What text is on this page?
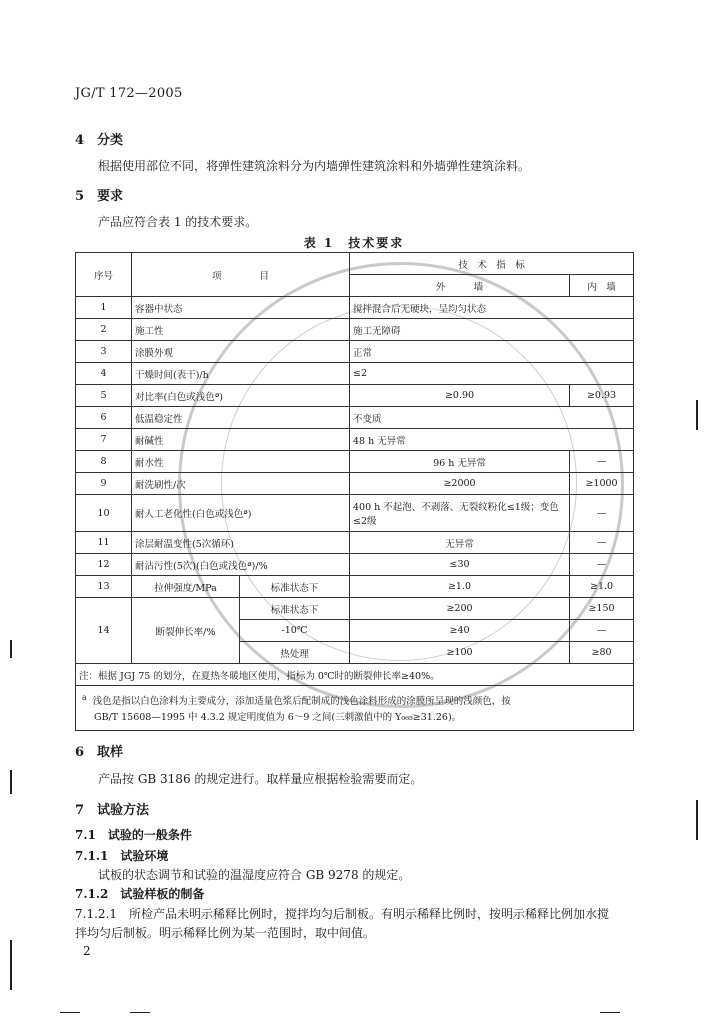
JG/T 172—2005
4　分类
根据使用部位不同，将弹性建筑涂料分为内墙弹性建筑涂料和外墙弹性建筑涂料。
5　要求
产品应符合表 1 的技术要求。
表 1　技术要求
序号	项　　　　目		技　术　指　标	
			外　　　墙	内　墙
1	容器中状态		搅拌混合后无硬块，呈均匀状态	
2	施工性		施工无障碍	
3	涂膜外观		正常	
4	干燥时间(表干)/h		≤2	
5	对比率(白色或浅色ª)		≥0.90	≥0.93
6	低温稳定性		不变质	
7	耐碱性		48 h 无异常	
8	耐水性		96 h 无异常	—
9	耐洗刷性/次		≥2000	≥1000
10	耐人工老化性(白色或浅色ª)		400 h 不起泡、不剥落、无裂纹粉化≤1级；变色≤2级	—
11	涂层耐温变性(5次循环)		无异常	—
12	耐沾污性(5次)(白色或浅色ª)/%		≤30	—
13	拉伸强度/MPa	标准状态下	≥1.0	≥1.0
14	断裂伸长率/%	标准状态下	≥200	≥150
		-10℃	≥40	—
		热处理	≥100	≥80
注：根据 JGJ 75 的划分，在夏热冬暖地区使用，指标为 0℃时的断裂伸长率≥40%。				
$^a$ 浅色是指以白色涂料为主要成分，添加适量色浆后配制成的浅色涂料形成的涂膜所呈现的浅颜色，按
GB/T 15608—1995 中 4.3.2 规定明度值为 6～9 之间(三刺激值中的 Y₀₆₅≥31.26)。				
6　取样
产品按 GB 3186 的规定进行。取样量应根据检验需要而定。
7　试验方法
7.1　试验的一般条件
7.1.1　试验环境
试板的状态调节和试验的温湿度应符合 GB 9278 的规定。
7.1.2　试验样板的制备
7.1.2.1　所检产品未明示稀释比例时，搅拌均匀后制板。有明示稀释比例时，按明示稀释比例加水搅
拌均匀后制板。明示稀释比例为某一范围时，取中间值。
2
